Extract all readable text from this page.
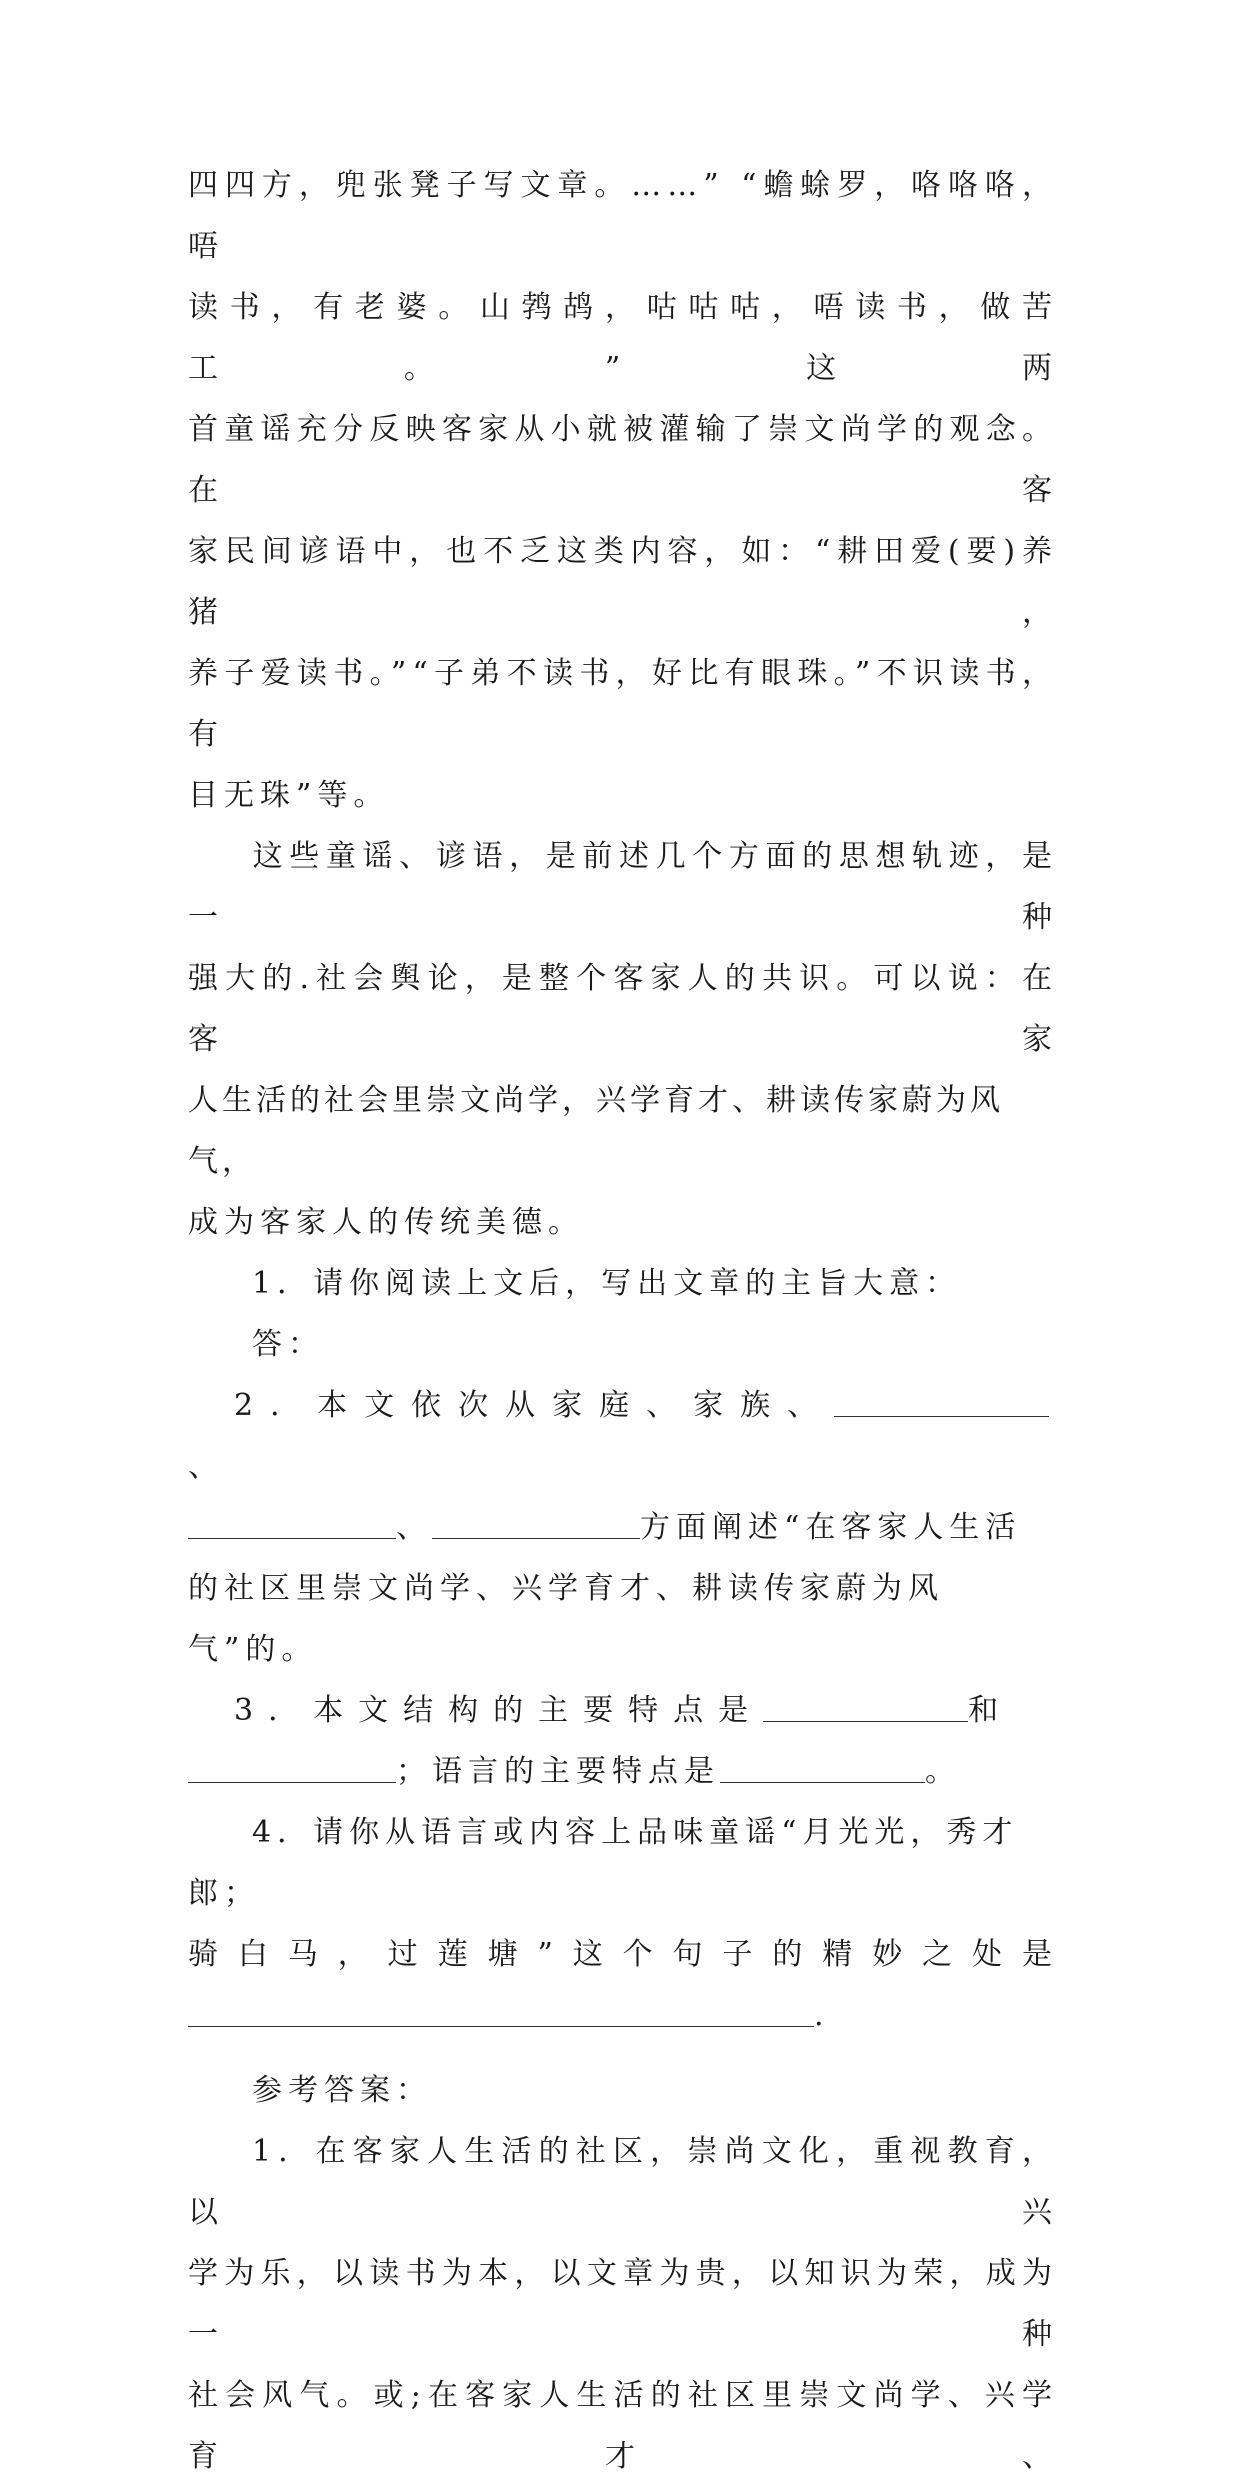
四四方，兜张凳子写文章。……” “蟾蜍罗，咯咯咯，唔

读书，有老婆。山鹁鸪，咕咕咕，唔读书，做苦工。”这两

首童谣充分反映客家从小就被灌输了崇文尚学的观念。在客

家民间谚语中，也不乏这类内容，如：“耕田爱(要)养猪，

养子爱读书。”“子弟不读书，好比有眼珠。”不识读书，有

目无珠”等。

这些童谣、谚语，是前述几个方面的思想轨迹，是一种

强大的.社会舆论，是整个客家人的共识。可以说：在客家

人生活的社会里崇文尚学，兴学育才、耕读传家蔚为风气，

成为客家人的传统美德。

1．请你阅读上文后，写出文章的主旨大意：

答：

2．本文依次从家庭、家族、、

、	方面阐述“在客家人生活

的社区里崇文尚学、兴学育才、耕读传家蔚为风气”的。

3．本文结构的主要特点是	和

；语言的主要特点是	。

4．请你从语言或内容上品味童谣“月光光，秀才郎；

骑白马，过莲塘”这个句子的精妙之处是

.

参考答案：

1．在客家人生活的社区，崇尚文化，重视教育，以兴

学为乐，以读书为本，以文章为贵，以知识为荣，成为一种

社会风气。或;在客家人生活的社区里崇文尚学、兴学育才、
